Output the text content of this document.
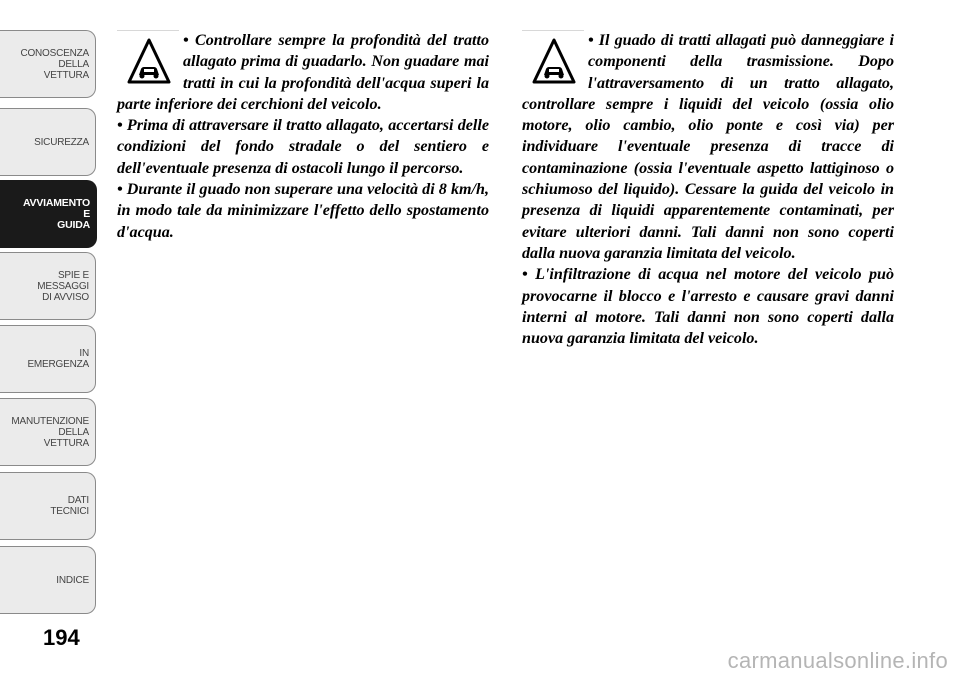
CONOSCENZA
DELLA
VETTURA
SICUREZZA
AVVIAMENTO
E
GUIDA
SPIE E
MESSAGGI
DI AVVISO
IN
EMERGENZA
MANUTENZIONE
DELLA
VETTURA
DATI
TECNICI
INDICE
194

• Controllare sempre la profondità del tratto allagato prima di guadarlo. Non guadare mai tratti in cui la profondità dell'acqua superi la parte inferiore dei cerchioni del veicolo.

• Prima di attraversare il tratto allagato, accertarsi delle condizioni del fondo stradale o del sentiero e dell'eventuale presenza di ostacoli lungo il percorso.

• Durante il guado non superare una velocità di 8 km/h, in modo tale da minimizzare l'effetto dello spostamento d'acqua.

• Il guado di tratti allagati può danneggiare i componenti della trasmissione. Dopo l'attraversamento di un tratto allagato, controllare sempre i liquidi del veicolo (ossia olio motore, olio cambio, olio ponte e così via) per individuare l'eventuale presenza di tracce di contaminazione (ossia l'eventuale aspetto lattiginoso o schiumoso del liquido). Cessare la guida del veicolo in presenza di liquidi apparentemente contaminati, per evitare ulteriori danni. Tali danni non sono coperti dalla nuova garanzia limitata del veicolo.

• L'infiltrazione di acqua nel motore del veicolo può provocarne il blocco e l'arresto e causare gravi danni interni al motore. Tali danni non sono coperti dalla nuova garanzia limitata del veicolo.

carmanualsonline.info
